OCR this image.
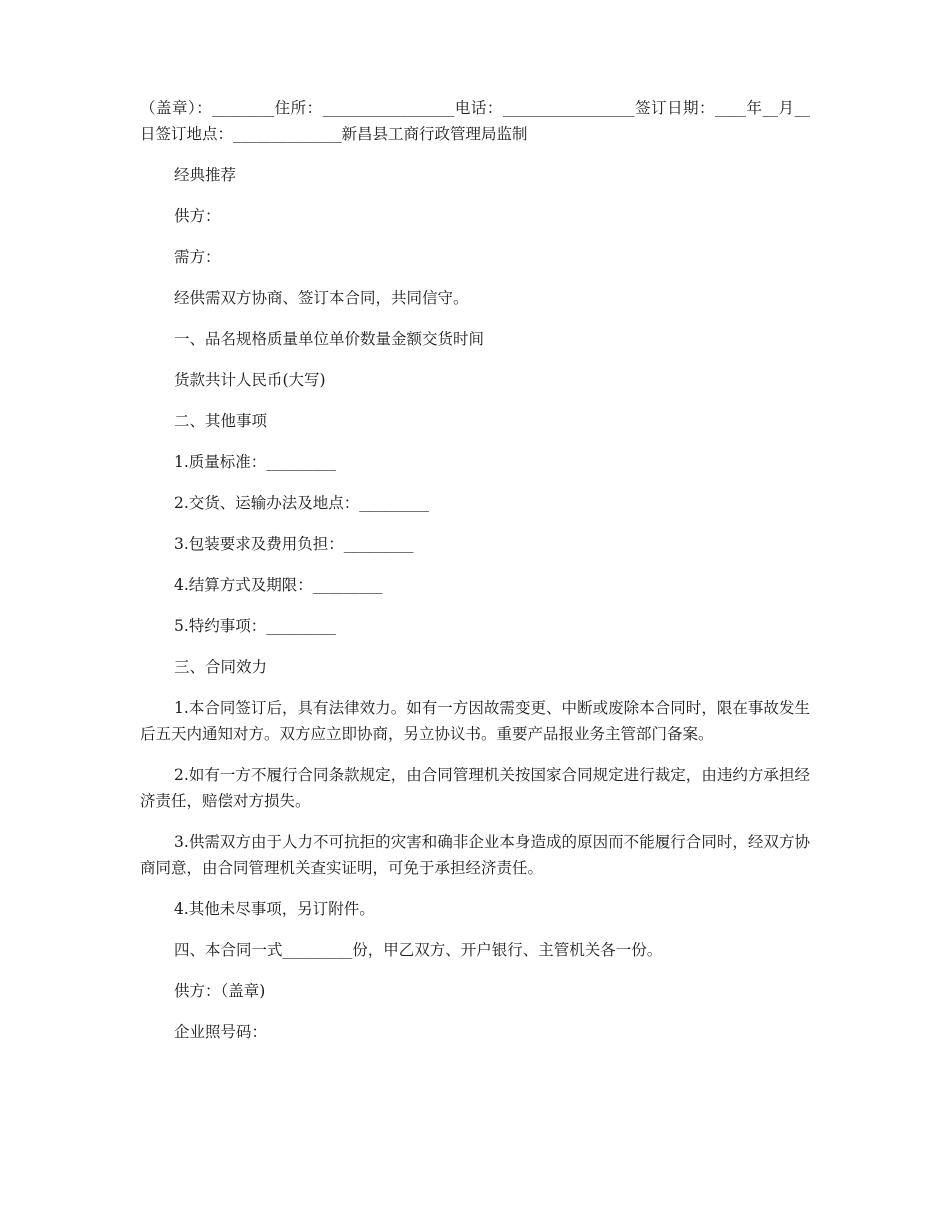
（盖章）：________住所：_________________电话：_________________签订日期：____年__月__日签订地点：______________新昌县工商行政管理局监制

经典推荐

供方：

需方：

经供需双方协商、签订本合同，共同信守。

一、品名规格质量单位单价数量金额交货时间

货款共计人民币(大写)

二、其他事项

1.质量标准：_________

2.交货、运输办法及地点：_________

3.包装要求及费用负担：_________

4.结算方式及期限：_________

5.特约事项：_________

三、合同效力

1.本合同签订后，具有法律效力。如有一方因故需变更、中断或废除本合同时，限在事故发生后五天内通知对方。双方应立即协商，另立协议书。重要产品报业务主管部门备案。

2.如有一方不履行合同条款规定，由合同管理机关按国家合同规定进行裁定，由违约方承担经济责任，赔偿对方损失。

3.供需双方由于人力不可抗拒的灾害和确非企业本身造成的原因而不能履行合同时，经双方协商同意，由合同管理机关查实证明，可免于承担经济责任。

4.其他未尽事项，另订附件。

四、本合同一式_________份，甲乙双方、开户银行、主管机关各一份。

供方：（盖章)

企业照号码：
